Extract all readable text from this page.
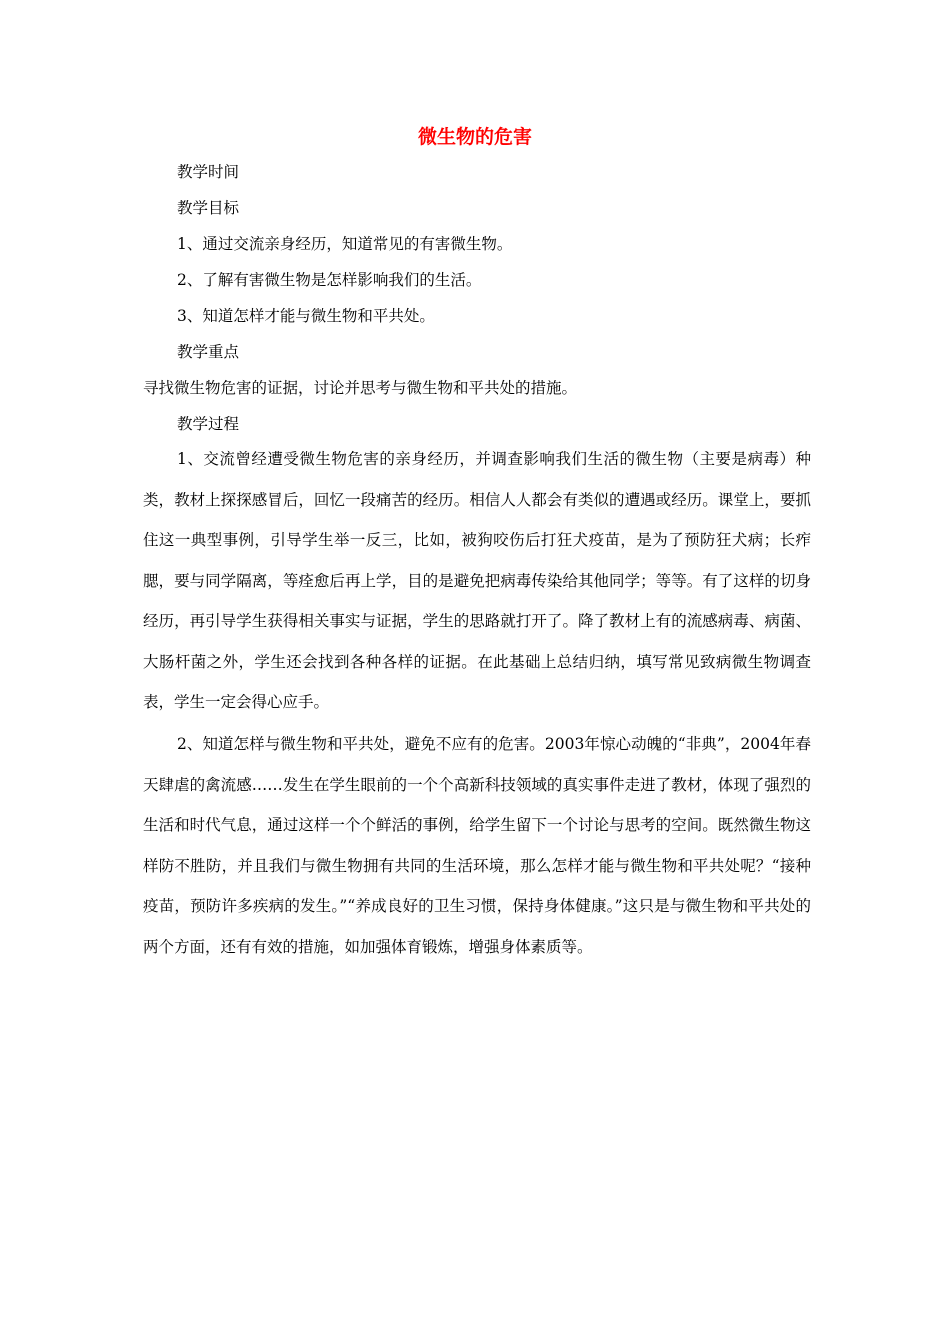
微生物的危害
教学时间
教学目标
1、通过交流亲身经历，知道常见的有害微生物。
2、了解有害微生物是怎样影响我们的生活。
3、知道怎样才能与微生物和平共处。
教学重点
寻找微生物危害的证据，讨论并思考与微生物和平共处的措施。
教学过程
1、交流曾经遭受微生物危害的亲身经历，并调查影响我们生活的微生物（主要是病毒）种类，教材上探探感冒后，回忆一段痛苦的经历。相信人人都会有类似的遭遇或经历。课堂上，要抓住这一典型事例，引导学生举一反三，比如，被狗咬伤后打狂犬疫苗，是为了预防狂犬病；长痄腮，要与同学隔离，等痊愈后再上学，目的是避免把病毒传染给其他同学；等等。有了这样的切身经历，再引导学生获得相关事实与证据，学生的思路就打开了。降了教材上有的流感病毒、病菌、大肠杆菌之外，学生还会找到各种各样的证据。在此基础上总结归纳，填写常见致病微生物调查表，学生一定会得心应手。
2、知道怎样与微生物和平共处，避免不应有的危害。2003年惊心动魄的“非典”，2004年春天肆虐的禽流感……发生在学生眼前的一个个高新科技领域的真实事件走进了教材，体现了强烈的生活和时代气息，通过这样一个个鲜活的事例，给学生留下一个讨论与思考的空间。既然微生物这样防不胜防，并且我们与微生物拥有共同的生活环境，那么怎样才能与微生物和平共处呢？“接种疫苗，预防许多疾病的发生。”“养成良好的卫生习惯，保持身体健康。”这只是与微生物和平共处的两个方面，还有有效的措施，如加强体育锻炼，增强身体素质等。
